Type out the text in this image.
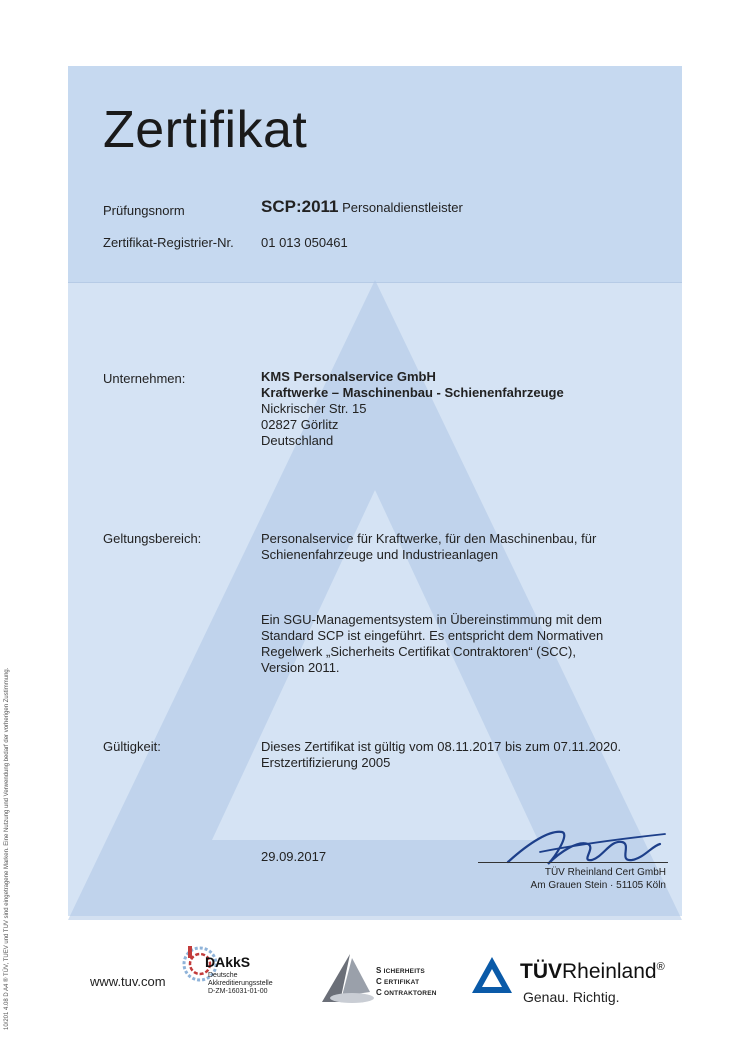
Zertifikat
Prüfungsnorm	SCP:2011 Personaldienstleister
Zertifikat-Registrier-Nr. 01 013 050461
Unternehmen:	KMS Personalservice GmbH
Kraftwerke – Maschinenbau - Schienenfahrzeuge
Nickrischer Str. 15
02827 Görlitz
Deutschland
Geltungsbereich:	Personalservice für Kraftwerke, für den Maschinenbau, für
Schienenfahrzeuge und Industrieanlagen
Ein SGU-Managementsystem in Übereinstimmung mit dem
Standard SCP ist eingeführt. Es entspricht dem Normativen
Regelwerk „Sicherheits Certifikat Contraktoren“ (SCC),
Version 2011.
Gültigkeit:	Dieses Zertifikat ist gültig vom 08.11.2017 bis zum 07.11.2020.
Erstzertifizierung 2005
29.09.2017
TÜV Rheinland Cert GmbH
Am Grauen Stein · 51105 Köln
www.tuv.com
DAkkS
Deutsche
Akkreditierungsstelle
D-ZM-16031-01-00
S ICHERHEITS
C ERTIFIKAT
C ONTRAKTOREN
TÜVRheinland®
Genau. Richtig.
10/201 4.08 D A4 ® TÜV, TUEV und TUV sind eingetragene Marken. Eine Nutzung und Verwendung bedarf der vorherigen Zustimmung.
